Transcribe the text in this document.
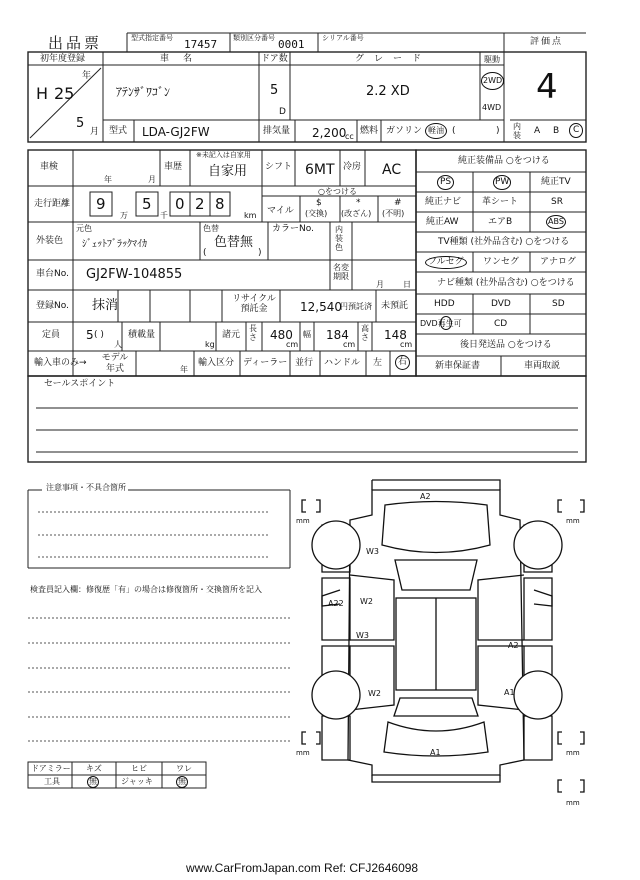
出品票	型式指定番号 17457 類別区分番号 0001	シリアル番号	評価点
4
初年度登録
H 25
年
5
月
車名
ｱﾃﾝｻﾞﾜｺﾞﾝ
ドア数
5
D
グレード
2.2 XD
駆動
2WD
4WD
型式 LDA-GJ2FW	排気量 2,200
cc
燃料 ガソリン 軽油 (	) 内装 A B	C
車検
年	月
車歴
※未記入は自家用
自家用 シフト 6MT 冷房 AC
走行距離 9
万
5
千
0 2 8
km
○をつける
マイル
$
(交換)
*
(改ざん)
#
(不明)
外装色
元色
ｼﾞｪｯﾄﾌﾞﾗｯｸﾏｲｶ
色替
色替無
(	)
カラーNo.	内装色
車台No. GJ2FW-104855	名変期限
月 日
登録No. 抹消	リサイクル預託金	12,540
円預託済 未預託
定員 5 ( )
人
積載量
kg
諸元
長さ 480
cm
幅 184
cm
高さ 148
cm
輸入車のみ→ モデル年式	年
輸入区分 ディーラー 並行 ハンドル 左	右
純正装備品 ○をつける
PS	PW	純正TV
純正ナビ 革シート	SR
純正AW	エアB	ABS
TV種類 (社外品含む) ○をつける
フルセグ	ワンセグ アナログ
ナビ種類 (社外品含む) ○をつける
HDD	DVD	SD
DVD再生可	CD
後日発送品 ○をつける
新車保証書	車両取説
セールスポイント
注意事項・不具合箇所
検査員記入欄：修復歴「有」の場合は修復箇所・交換箇所を記入
ドアミラー キズ	ヒビ	ワレ
工具	無	ジャッキ	無
mm	mm
mm	mm
mm
A2
W3
A22 W2
W3
A2
W2	A1
A1
www.CarFromJapan.com Ref: CFJ2646098
